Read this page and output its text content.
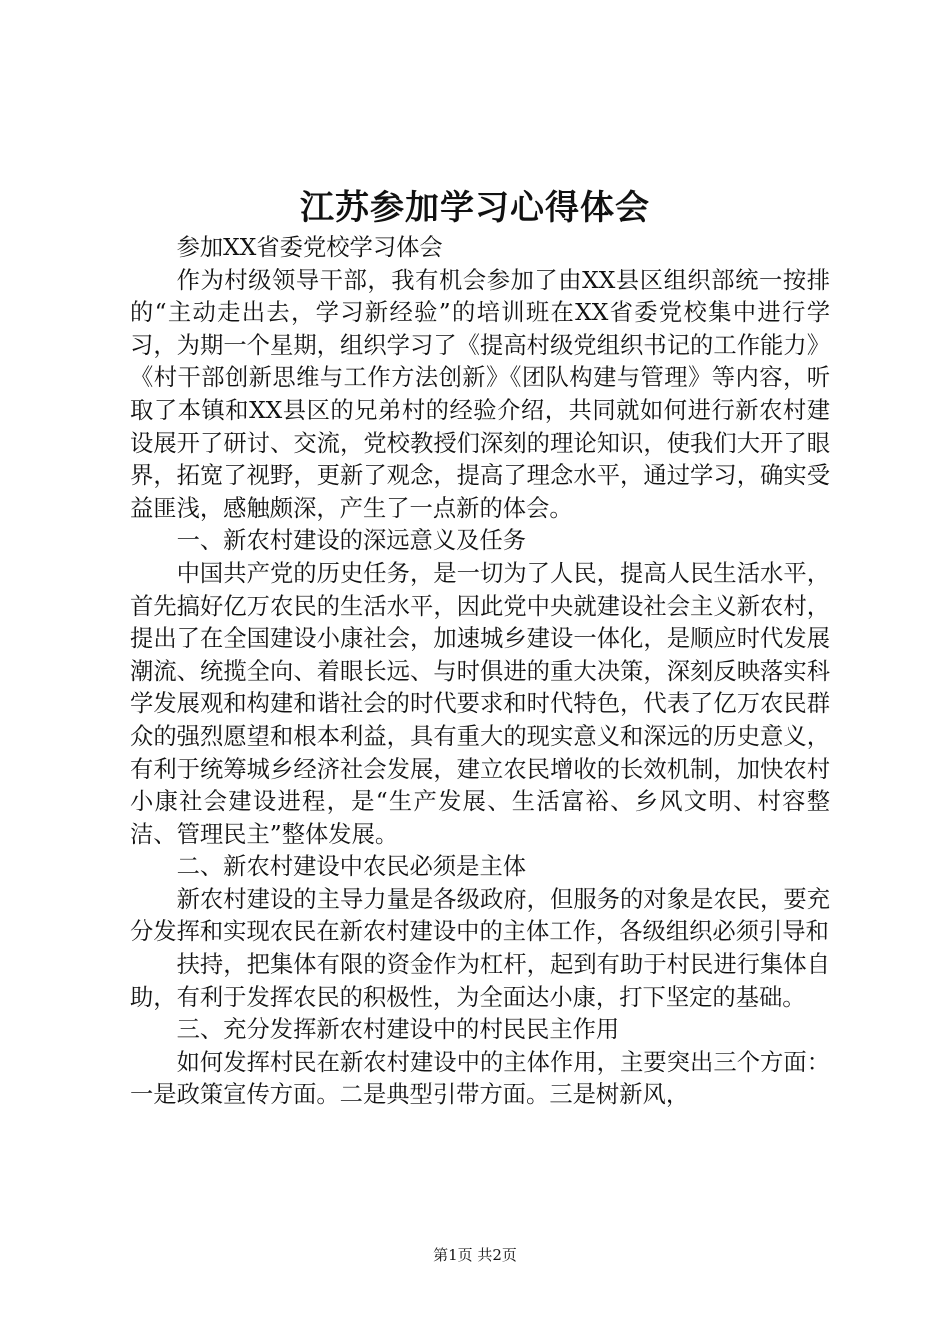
江苏参加学习心得体会

参加XX省委党校学习体会

作为村级领导干部，我有机会参加了由XX县区组织部统一按排的“主动走出去，学习新经验”的培训班在XX省委党校集中进行学习，为期一个星期，组织学习了《提高村级党组织书记的工作能力》《村干部创新思维与工作方法创新》《团队构建与管理》等内容，听取了本镇和XX县区的兄弟村的经验介绍，共同就如何进行新农村建设展开了研讨、交流，党校教授们深刻的理论知识，使我们大开了眼界，拓宽了视野，更新了观念，提高了理念水平，通过学习，确实受益匪浅，感触颇深，产生了一点新的体会。

一、新农村建设的深远意义及任务

中国共产党的历史任务，是一切为了人民，提高人民生活水平，首先搞好亿万农民的生活水平，因此党中央就建设社会主义新农村，提出了在全国建设小康社会，加速城乡建设一体化，是顺应时代发展潮流、统揽全向、着眼长远、与时俱进的重大决策，深刻反映落实科学发展观和构建和谐社会的时代要求和时代特色，代表了亿万农民群众的强烈愿望和根本利益，具有重大的现实意义和深远的历史意义，有利于统筹城乡经济社会发展，建立农民增收的长效机制，加快农村小康社会建设进程，是“生产发展、生活富裕、乡风文明、村容整洁、管理民主”整体发展。

二、新农村建设中农民必须是主体

新农村建设的主导力量是各级政府，但服务的对象是农民，要充分发挥和实现农民在新农村建设中的主体工作，各级组织必须引导和

扶持，把集体有限的资金作为杠杆，起到有助于村民进行集体自助，有利于发挥农民的积极性，为全面达小康，打下坚定的基础。

三、充分发挥新农村建设中的村民民主作用

如何发挥村民在新农村建设中的主体作用，主要突出三个方面：一是政策宣传方面。二是典型引带方面。三是树新风，

第1页 共2页
